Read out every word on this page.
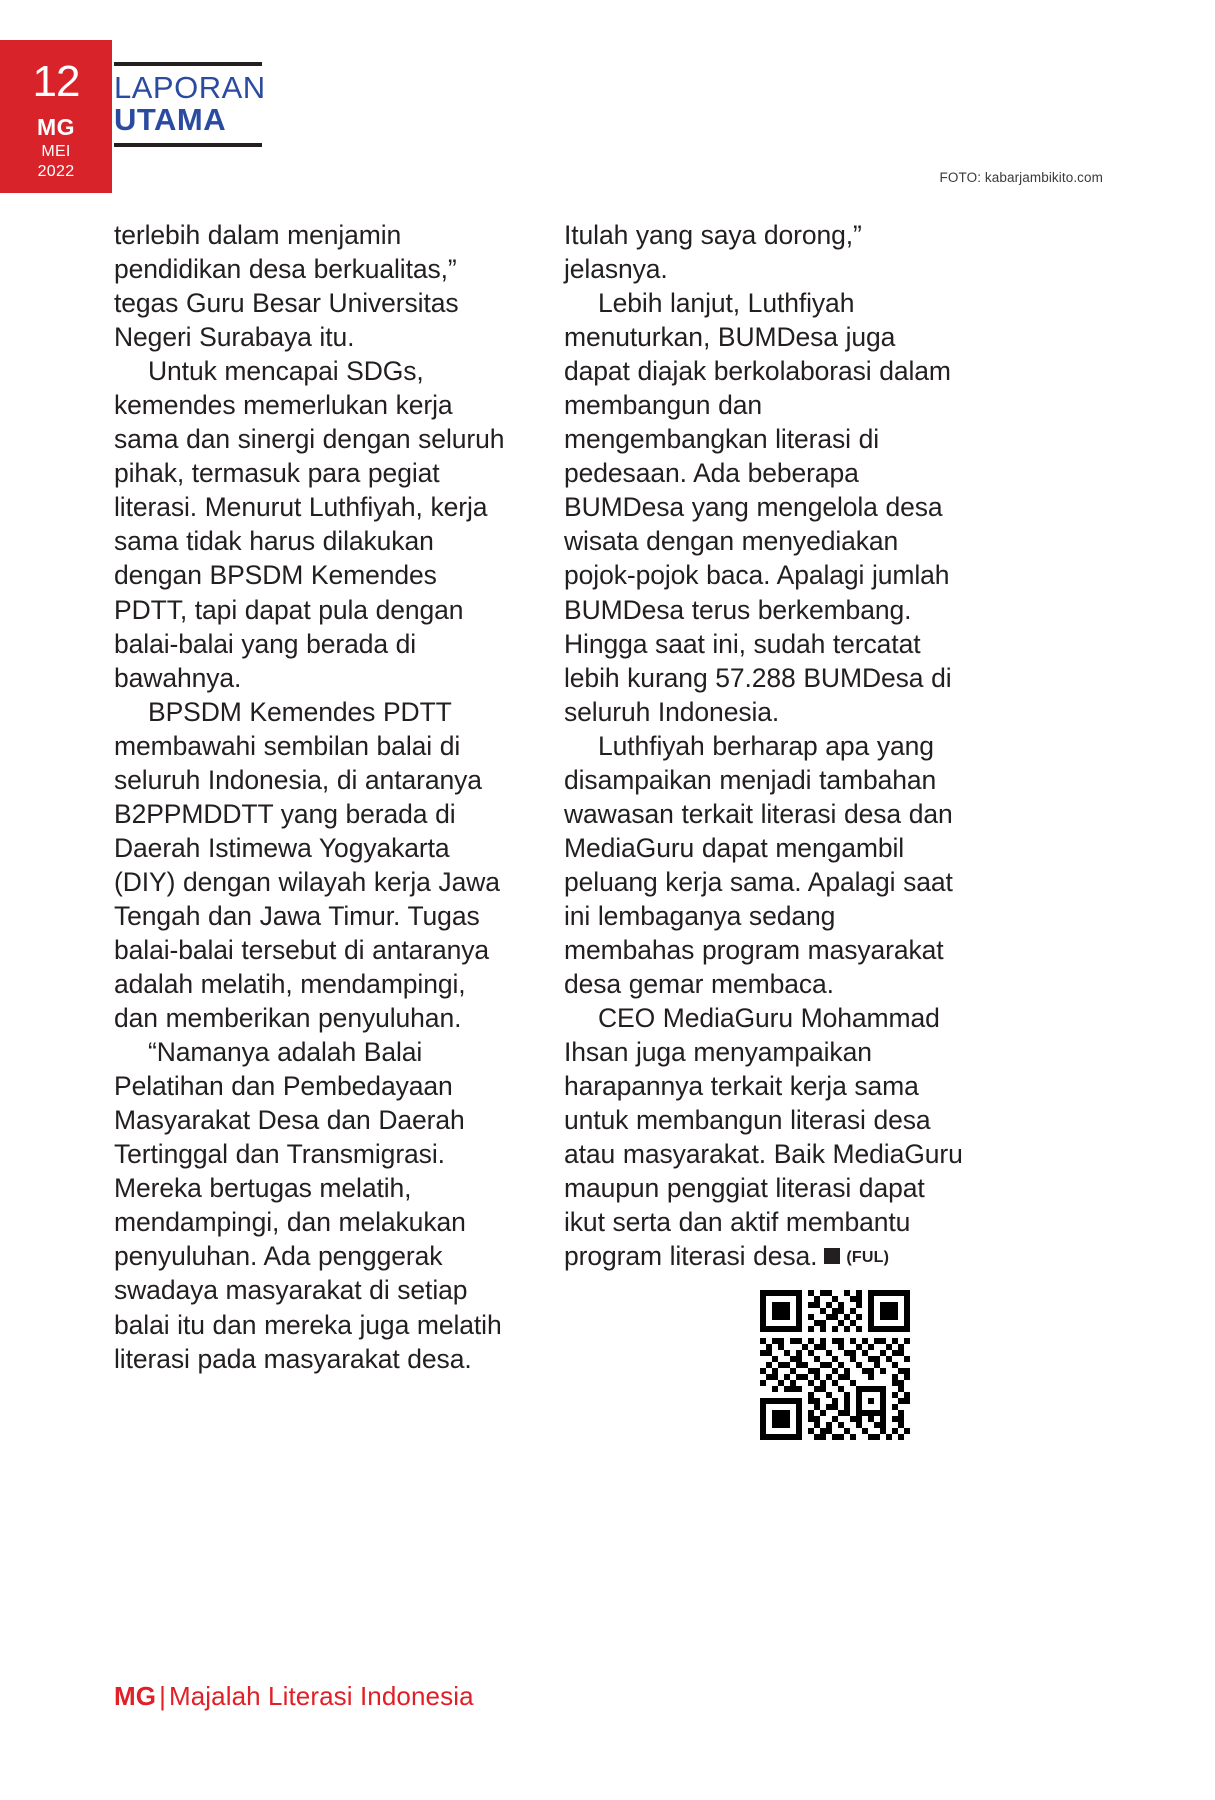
12
MG
MEI
2022
LAPORAN
UTAMA
FOTO: kabarjambikito.com

terlebih dalam menjamin pendidikan desa berkualitas,” tegas Guru Besar Universitas Negeri Surabaya itu.

Untuk mencapai SDGs, kemendes memerlukan kerja sama dan sinergi dengan seluruh pihak, termasuk para pegiat literasi. Menurut Luthfiyah, kerja sama tidak harus dilakukan dengan BPSDM Kemendes PDTT, tapi dapat pula dengan balai-balai yang berada di bawahnya.

BPSDM Kemendes PDTT membawahi sembilan balai di seluruh Indonesia, di antaranya B2PPMDDTT yang berada di Daerah Istimewa Yogyakarta (DIY) dengan wilayah kerja Jawa Tengah dan Jawa Timur. Tugas balai-balai tersebut di antaranya adalah melatih, mendampingi, dan memberikan penyuluhan.

“Namanya adalah Balai Pelatihan dan Pembedayaan Masyarakat Desa dan Daerah Tertinggal dan Transmigrasi. Mereka bertugas melatih, mendampingi, dan melakukan penyuluhan. Ada penggerak swadaya masyarakat di setiap balai itu dan mereka juga melatih literasi pada masyarakat desa.

Itulah yang saya dorong,” jelasnya.

Lebih lanjut, Luthfiyah menuturkan, BUMDesa juga dapat diajak berkolaborasi dalam membangun dan mengembangkan literasi di pedesaan. Ada beberapa BUMDesa yang mengelola desa wisata dengan menyediakan pojok-pojok baca. Apalagi jumlah BUMDesa terus berkembang. Hingga saat ini, sudah tercatat lebih kurang 57.288 BUMDesa di seluruh Indonesia.

Luthfiyah berharap apa yang disampaikan menjadi tambahan wawasan terkait literasi desa dan MediaGuru dapat mengambil peluang kerja sama. Apalagi saat ini lembaganya sedang membahas program masyarakat desa gemar membaca.

CEO MediaGuru Mohammad Ihsan juga menyampaikan harapannya terkait kerja sama untuk membangun literasi desa atau masyarakat. Baik MediaGuru maupun penggiat literasi dapat ikut serta dan aktif membantu program literasi desa. (FUL)

MG | Majalah Literasi Indonesia
